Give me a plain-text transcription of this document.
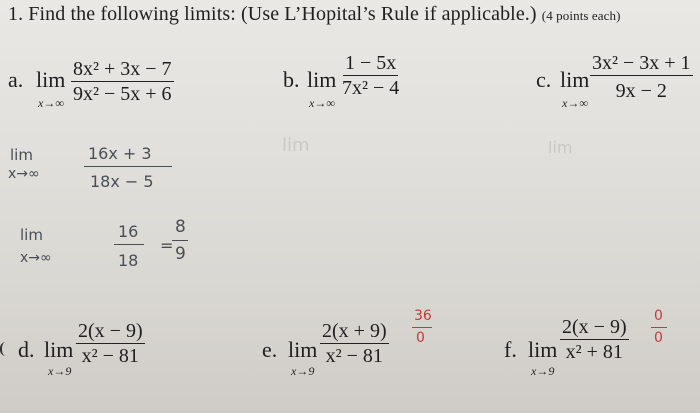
1. Find the following limits: (Use L’Hopital’s Rule if applicable.) (4 points each)
lim	lim
a. lim
$x\to\infty \frac{\text{8x² + 3x − 7}}{\text{9x² − 5x + 6}}$	b. lim
x→∞
$\frac{1 - 5x}{\text{7x² − 4}}$	c. lim
x→∞
$\frac{\text{3x² − 3x + 1}}{9x - 2}$
lim
x→∞
16x + 3
18x − 5
lim
x→∞
16
18
=
8
9
d. lim
x→9
$\frac{2(x - 9)}{\text{x² − 81}}$	e. lim
x→9
$\frac{2(x + 9)}{\text{x² − 81}}$
36
0	f. lim
x→9
$\frac{2(x - 9)}{\text{x² + 81}} 0$
0
